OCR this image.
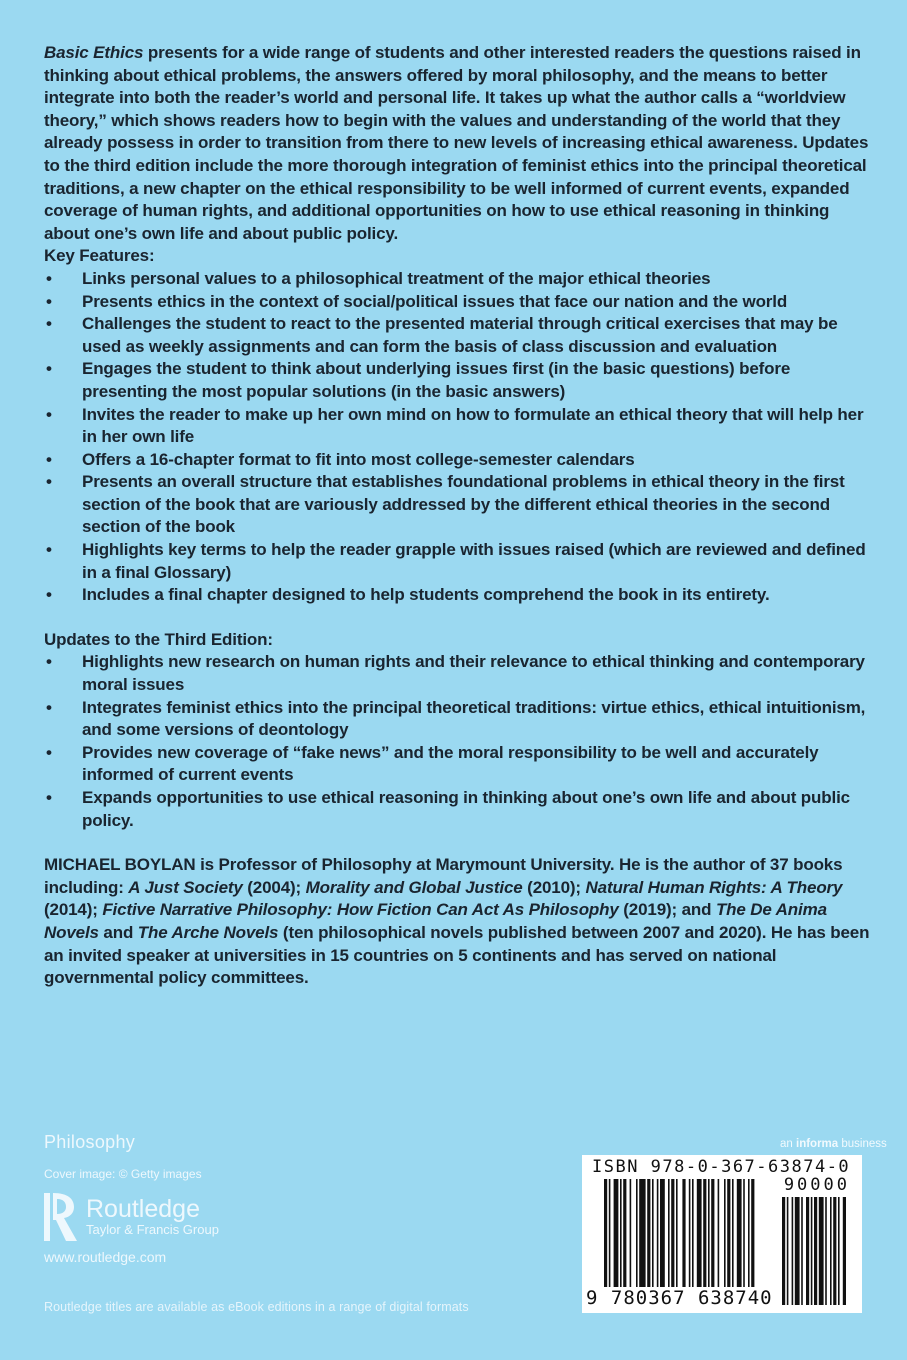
Basic Ethics presents for a wide range of students and other interested readers the questions raised in thinking about ethical problems, the answers offered by moral philosophy, and the means to better integrate into both the reader’s world and personal life. It takes up what the author calls a “worldview theory,” which shows readers how to begin with the values and understanding of the world that they already possess in order to transition from there to new levels of increasing ethical awareness. Updates to the third edition include the more thorough integration of feminist ethics into the principal theoretical traditions, a new chapter on the ethical responsibility to be well informed of current events, expanded coverage of human rights, and additional opportunities on how to use ethical reasoning in thinking about one’s own life and about public policy.

Key Features:

• Links personal values to a philosophical treatment of the major ethical theories
• Presents ethics in the context of social/political issues that face our nation and the world
• Challenges the student to react to the presented material through critical exercises that may be used as weekly assignments and can form the basis of class discussion and evaluation
• Engages the student to think about underlying issues first (in the basic questions) before presenting the most popular solutions (in the basic answers)
• Invites the reader to make up her own mind on how to formulate an ethical theory that will help her in her own life
• Offers a 16-chapter format to fit into most college-semester calendars
• Presents an overall structure that establishes foundational problems in ethical theory in the first section of the book that are variously addressed by the different ethical theories in the second section of the book
• Highlights key terms to help the reader grapple with issues raised (which are reviewed and defined in a final Glossary)
• Includes a final chapter designed to help students comprehend the book in its entirety.

Updates to the Third Edition:

• Highlights new research on human rights and their relevance to ethical thinking and contemporary moral issues
• Integrates feminist ethics into the principal theoretical traditions: virtue ethics, ethical intuitionism, and some versions of deontology
• Provides new coverage of “fake news” and the moral responsibility to be well and accurately informed of current events
• Expands opportunities to use ethical reasoning in thinking about one’s own life and about public policy.

MICHAEL BOYLAN is Professor of Philosophy at Marymount University. He is the author of 37 books including: A Just Society (2004); Morality and Global Justice (2010); Natural Human Rights: A Theory (2014); Fictive Narrative Philosophy: How Fiction Can Act As Philosophy (2019); and The De Anima Novels and The Arche Novels (ten philosophical novels published between 2007 and 2020). He has been an invited speaker at universities in 15 countries on 5 continents and has served on national governmental policy committees.

Philosophy
Cover image: © Getty images
Routledge
Taylor & Francis Group
www.routledge.com
Routledge titles are available as eBook editions in a range of digital formats
an informa business
ISBN 978-0-367-63874-0
90000
9 780367 638740
